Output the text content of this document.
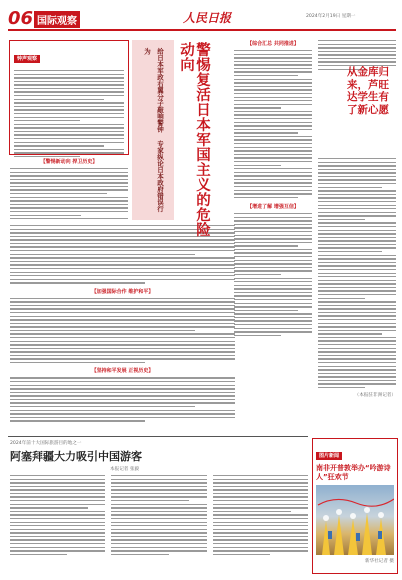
06 国际观察	人民日报	2024年2月19日 星期一
钟声观察
【警惕新动向 捍卫历史】
【加强国际合作 维护和平】
【坚持和平发展 正视历史】
给日本军政右翼分子敲响警钟 专家纵论日本政府错误行为	警惕复活日本军国主义的危险动向	【综合汇总 共同推进】
【增进了解 增强互信】
从金库归来，芦旺达学生有了新心愿
（本报驻非洲记者）
2024年前十大国际旅游目的地之一
阿塞拜疆大力吸引中国游客
本报记者 张毅
图片新闻
南非开普敦举办“吟游诗人”狂欢节
新华社记者 摄
